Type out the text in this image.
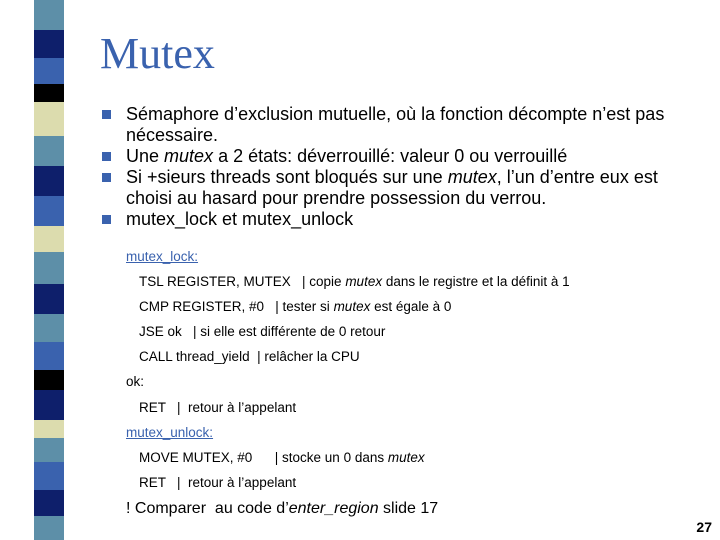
Mutex
Sémaphore d’exclusion mutuelle, où la fonction décompte n’est pas
nécessaire.
Une mutex a 2 états: déverrouillé: valeur 0 ou verrouillé
Si +sieurs threads sont bloqués sur une mutex, l’un d’entre eux est
choisi au hasard pour prendre possession du verrou.
mutex_lock et mutex_unlock
mutex_lock:
TSL REGISTER, MUTEX   | copie mutex dans le registre et la définit à 1
CMP REGISTER, #0   | tester si mutex est égale à 0
JSE ok   | si elle est différente de 0 retour
CALL thread_yield  | relâcher la CPU
ok:
RET   |  retour à l’appelant
mutex_unlock:
MOVE MUTEX, #0      | stocke un 0 dans mutex
RET   |  retour à l’appelant
! Comparer  au code d’enter_region slide 17
27
